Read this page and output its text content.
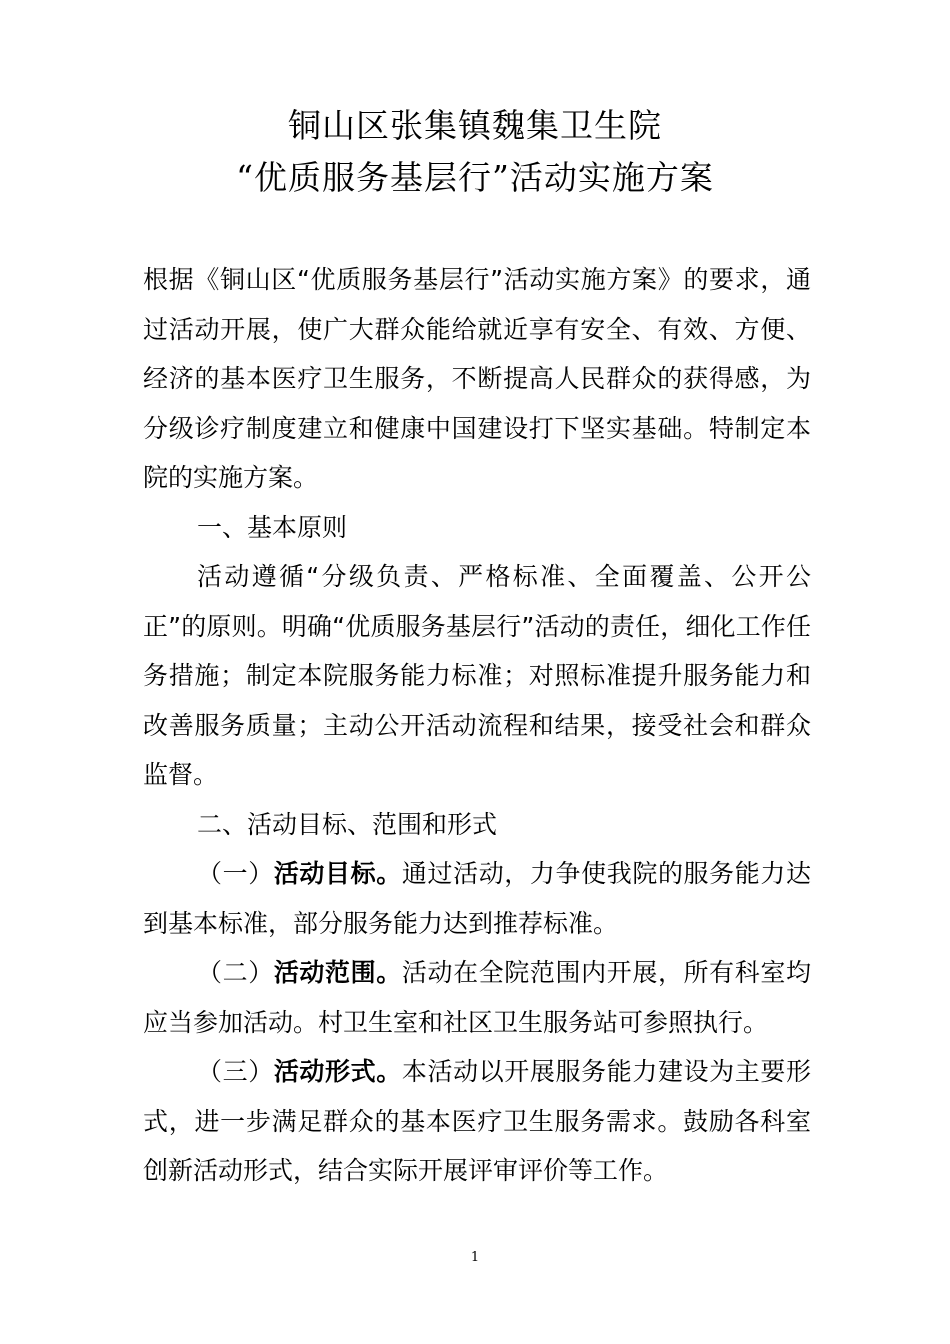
铜山区张集镇魏集卫生院
“优质服务基层行”活动实施方案

根据《铜山区“优质服务基层行”活动实施方案》的要求，通过活动开展，使广大群众能给就近享有安全、有效、方便、经济的基本医疗卫生服务，不断提高人民群众的获得感，为分级诊疗制度建立和健康中国建设打下坚实基础。特制定本院的实施方案。

一、基本原则

活动遵循“分级负责、严格标准、全面覆盖、公开公正”的原则。明确“优质服务基层行”活动的责任，细化工作任务措施；制定本院服务能力标准；对照标准提升服务能力和改善服务质量；主动公开活动流程和结果，接受社会和群众监督。

二、活动目标、范围和形式

（一）活动目标。通过活动，力争使我院的服务能力达到基本标准，部分服务能力达到推荐标准。

（二）活动范围。活动在全院范围内开展，所有科室均应当参加活动。村卫生室和社区卫生服务站可参照执行。

（三）活动形式。本活动以开展服务能力建设为主要形式，进一步满足群众的基本医疗卫生服务需求。鼓励各科室创新活动形式，结合实际开展评审评价等工作。

1
